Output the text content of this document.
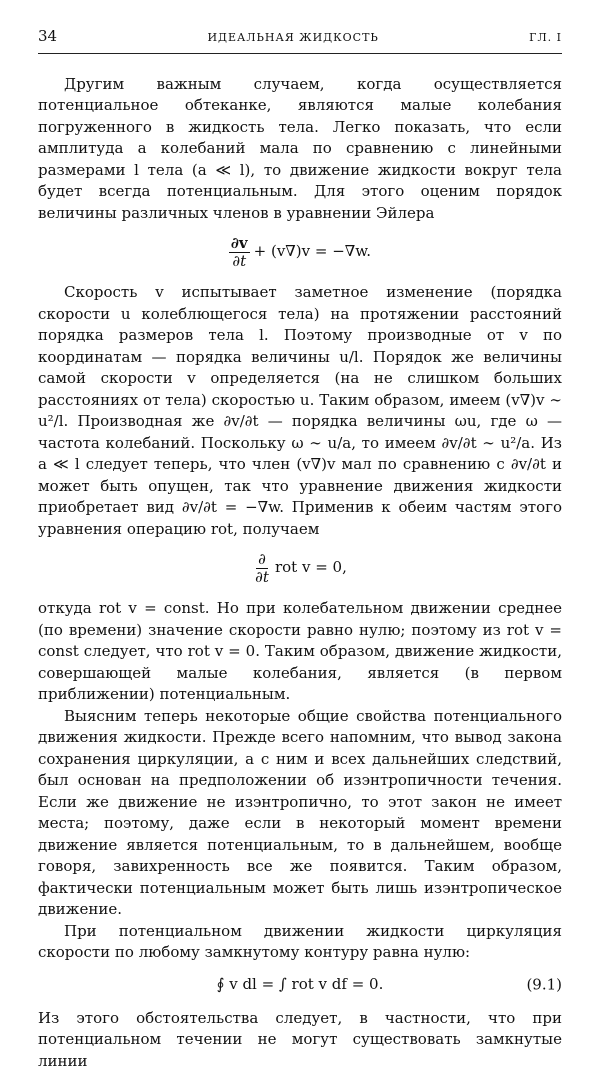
34	ИДЕАЛЬНАЯ ЖИДКОСТЬ	ГЛ. I

Другим важным случаем, когда осуществляется потенциальное обтеканке, являются малые колебания погруженного в жидкость тела. Легко показать, что если амплитуда a колебаний мала по сравнению с линейными размерами l тела (a ≪ l), то движение жидкости вокруг тела будет всегда потенциальным. Для этого оценим порядок величины различных членов в уравнении Эйлера

$\frac{\partial v}{\partial t} + (v\nabla)v = -\nabla w$.

Скорость v испытывает заметное изменение (порядка скорости u колеблющегося тела) на протяжении расстояний порядка размеров тела l. Поэтому производные от v по координатам — порядка величины u/l. Порядок же величины самой скорости v определяется (на не слишком больших расстояниях от тела) скоростью u. Таким образом, имеем (v∇)v ∼ u²/l. Производная же ∂v/∂t — порядка величины ωu, где ω — частота колебаний. Поскольку ω ∼ u/a, то имеем ∂v/∂t ∼ u²/a. Из a ≪ l следует теперь, что член (v∇)v мал по сравнению с ∂v/∂t и может быть опущен, так что уравнение движения жидкости приобретает вид ∂v/∂t = −∇w. Применив к обеим частям этого уравнения операцию rot, получаем

$\frac{\partial}{\partial t}$ rot v = 0,

откуда rot v = const. Но при колебательном движении среднее (по времени) значение скорости равно нулю; поэтому из rot v = const следует, что rot v = 0. Таким образом, движение жидкости, совершающей малые колебания, является (в первом приближении) потенциальным.

Выясним теперь некоторые общие свойства потенциального движения жидкости. Прежде всего напомним, что вывод закона сохранения циркуляции, а с ним и всех дальнейших следствий, был основан на предположении об изэнтропичности течения. Если же движение не изэнтропично, то этот закон не имеет места; поэтому, даже если в некоторый момент времени движение является потенциальным, то в дальнейшем, вообще говоря, завихренность все же появится. Таким образом, фактически потенциальным может быть лишь изэнтропическое движение.

При потенциальном движении жидкости циркуляция скорости по любому замкнутому контуру равна нулю:

∮ v dl = ∫ rot v df = 0.	(9.1)

Из этого обстоятельства следует, в частности, что при потенциальном течении не могут существовать замкнутые линии
